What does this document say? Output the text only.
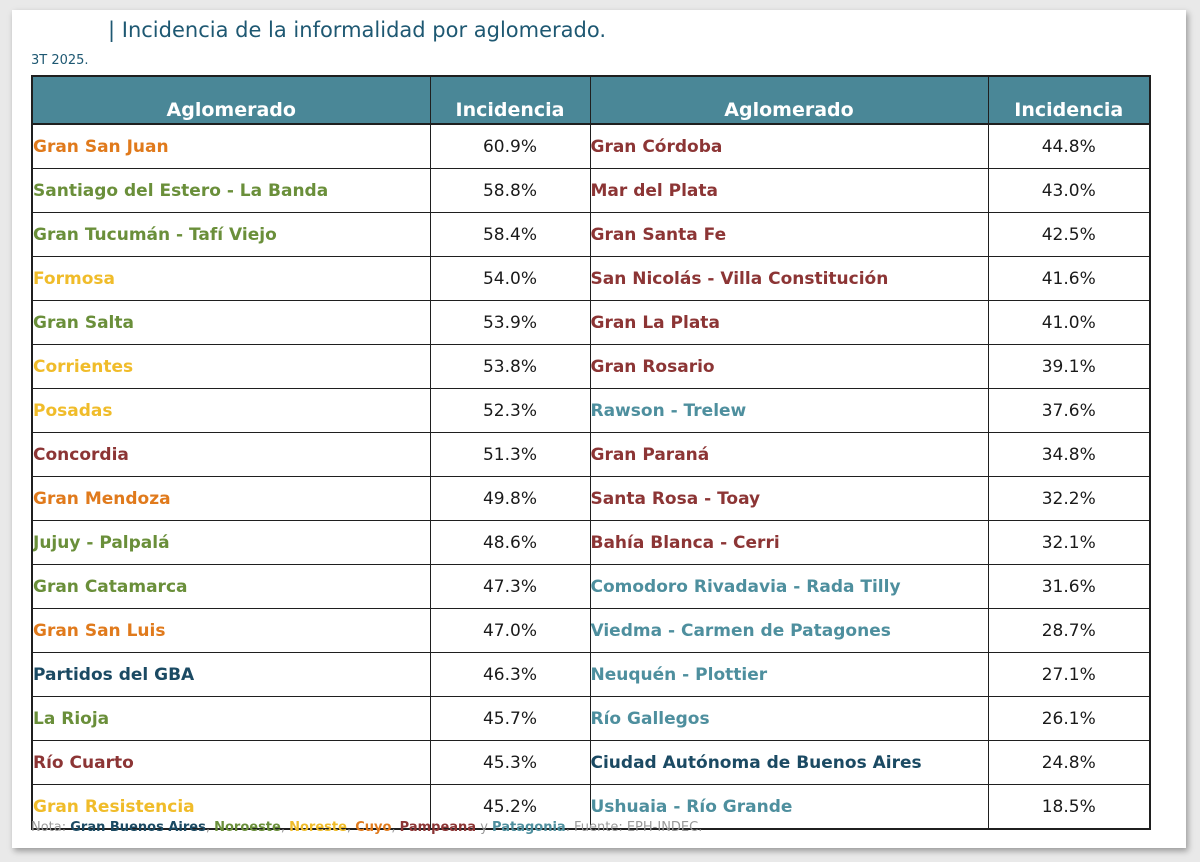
| Incidencia de la informalidad por aglomerado.
3T 2025.
Aglomerado	Incidencia	Aglomerado	Incidencia
Gran San Juan	60.9%	Gran Córdoba	44.8%
Santiago del Estero - La Banda	58.8%	Mar del Plata	43.0%
Gran Tucumán - Tafí Viejo	58.4%	Gran Santa Fe	42.5%
Formosa	54.0%	San Nicolás - Villa Constitución	41.6%
Gran Salta	53.9%	Gran La Plata	41.0%
Corrientes	53.8%	Gran Rosario	39.1%
Posadas	52.3%	Rawson - Trelew	37.6%
Concordia	51.3%	Gran Paraná	34.8%
Gran Mendoza	49.8%	Santa Rosa - Toay	32.2%
Jujuy - Palpalá	48.6%	Bahía Blanca - Cerri	32.1%
Gran Catamarca	47.3%	Comodoro Rivadavia - Rada Tilly	31.6%
Gran San Luis	47.0%	Viedma - Carmen de Patagones	28.7%
Partidos del GBA	46.3%	Neuquén - Plottier	27.1%
La Rioja	45.7%	Río Gallegos	26.1%
Río Cuarto	45.3%	Ciudad Autónoma de Buenos Aires	24.8%
Gran Resistencia	45.2%	Ushuaia - Río Grande	18.5%
Nota: Gran Buenos Aires, Noroeste, Noreste, Cuyo, Pampeana y Patagonia. Fuente: EPH-INDEC.
